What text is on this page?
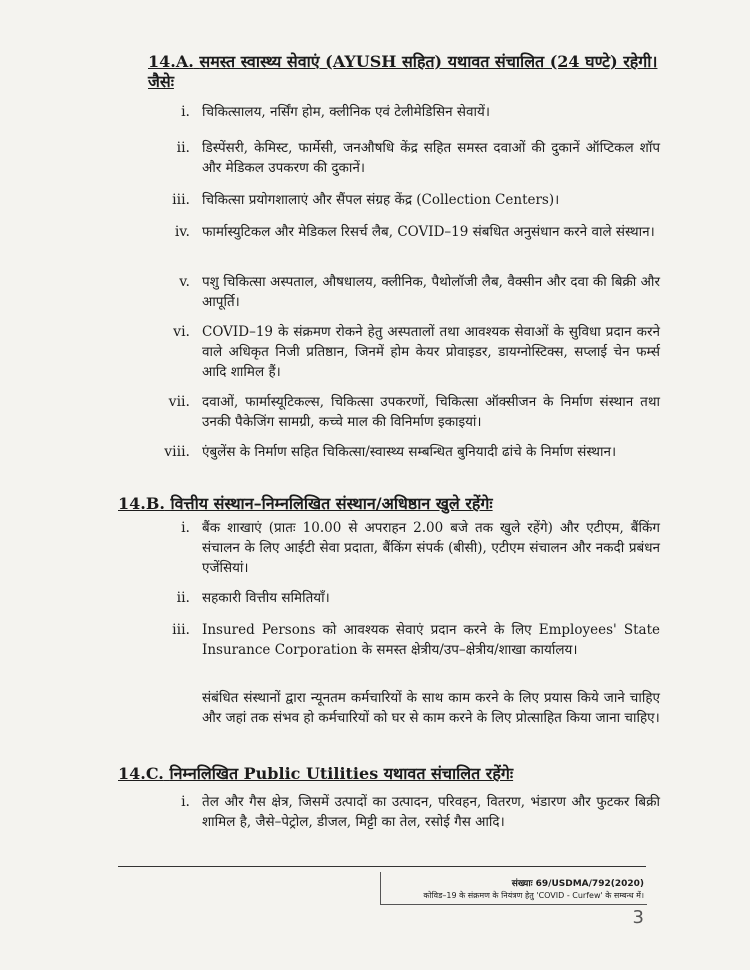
14.A. समस्त स्वास्थ्य सेवाएं (AYUSH सहित) यथावत संचालित (24 घण्टे) रहेगी।
जैसेः
i. चिकित्सालय, नर्सिंग होम, क्लीनिक एवं टेलीमेडिसिन सेवायें।
ii. डिस्पेंसरी, केमिस्ट, फार्मेसी, जनऔषधि केंद्र सहित समस्त दवाओं की दुकानें ऑप्टिकल शॉप और मेडिकल उपकरण की दुकानें।
iii. चिकित्सा प्रयोगशालाएं और सैंपल संग्रह केंद्र (Collection Centers)।
iv. फार्मास्युटिकल और मेडिकल रिसर्च लैब, COVID–19 संबधित अनुसंधान करने वाले संस्थान।
v. पशु चिकित्सा अस्पताल, औषधालय, क्लीनिक, पैथोलॉजी लैब, वैक्सीन और दवा की बिक्री और आपूर्ति।
vi. COVID–19 के संक्रमण रोकने हेतु अस्पतालों तथा आवश्यक सेवाओं के सुविधा प्रदान करने वाले अधिकृत निजी प्रतिष्ठान, जिनमें होम केयर प्रोवाइडर, डायग्नोस्टिक्स, सप्लाई चेन फर्म्स आदि शामिल हैं।
vii. दवाओं, फार्मास्यूटिकल्स, चिकित्सा उपकरणों, चिकित्सा ऑक्सीजन के निर्माण संस्थान तथा उनकी पैकेजिंग सामग्री, कच्चे माल की विनिर्माण इकाइयां।
viii. एंबुलेंस के निर्माण सहित चिकित्सा/स्वास्थ्य सम्बन्धित बुनियादी ढांचे के निर्माण संस्थान।
14.B. वित्तीय संस्थान–निम्नलिखित संस्थान/अधिष्ठान खुले रहेंगेः
i. बैंक शाखाएं (प्रातः 10.00 से अपराहन 2.00 बजे तक खुले रहेंगे) और एटीएम, बैंकिंग संचालन के लिए आईटी सेवा प्रदाता, बैंकिंग संपर्क (बीसी), एटीएम संचालन और नकदी प्रबंधन एजेंसियां।
ii. सहकारी वित्तीय समितियाँ।
iii. Insured Persons को आवश्यक सेवाएं प्रदान करने के लिए Employees' State Insurance Corporation के समस्त क्षेत्रीय/उप–क्षेत्रीय/शाखा कार्यालय।
संबंधित संस्थानों द्वारा न्यूनतम कर्मचारियों के साथ काम करने के लिए प्रयास किये जाने चाहिए और जहां तक संभव हो कर्मचारियों को घर से काम करने के लिए प्रोत्साहित किया जाना चाहिए।
14.C. निम्नलिखित Public Utilities यथावत संचालित रहेंगेः
i. तेल और गैस क्षेत्र, जिसमें उत्पादों का उत्पादन, परिवहन, वितरण, भंडारण और फुटकर बिक्री शामिल है, जैसे–पेट्रोल, डीजल, मिट्टी का तेल, रसोई गैस आदि।
संख्याः 69/USDMA/792(2020)
कोविड–19 के संक्रमण के नियंत्रण हेतु 'COVID - Curfew' के सम्बन्ध में।
3
